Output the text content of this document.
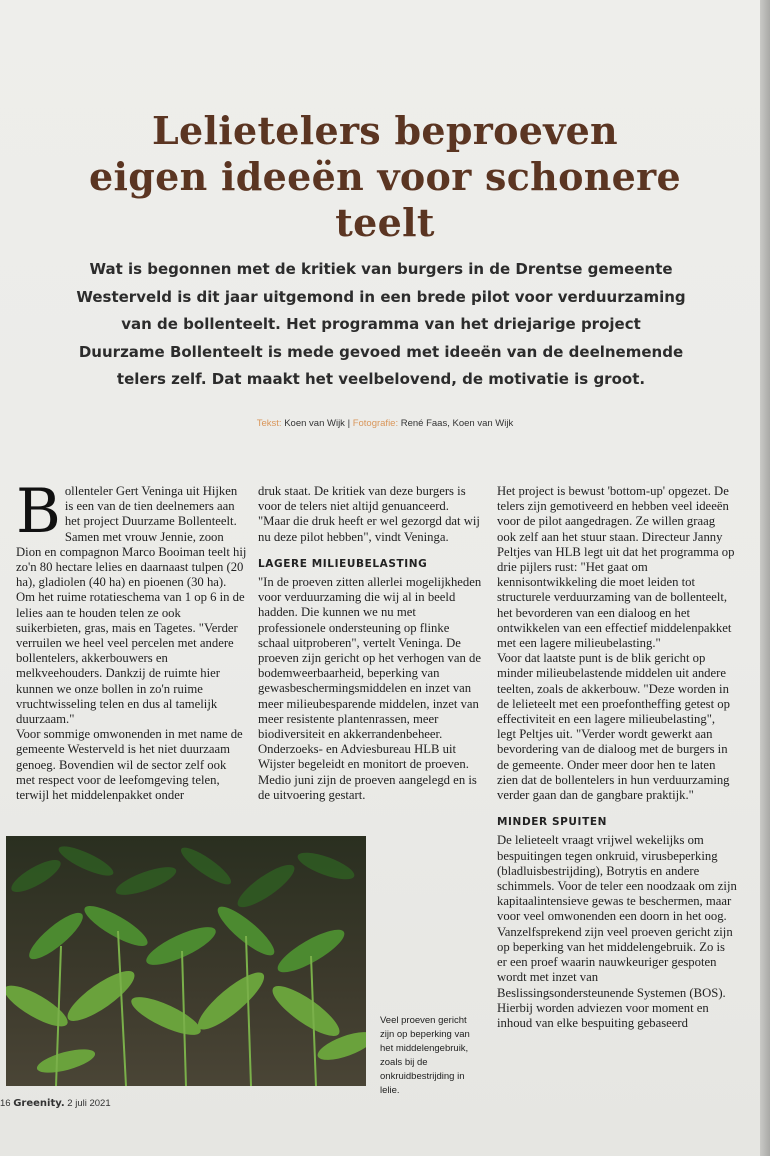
Lelietelers beproeven
eigen ideeën voor schonere teelt

Wat is begonnen met de kritiek van burgers in de Drentse gemeente Westerveld is dit jaar uitgemond in een brede pilot voor verduurzaming van de bollenteelt. Het programma van het driejarige project Duurzame Bollenteelt is mede gevoed met ideeën van de deelnemende telers zelf. Dat maakt het veelbelovend, de motivatie is groot.

Tekst: Koen van Wijk | Fotografie: René Faas, Koen van Wijk

Bollenteler Gert Veninga uit Hijken is een van de tien deelnemers aan het project Duurzame Bollenteelt. Samen met vrouw Jennie, zoon Dion en compagnon Marco Booiman teelt hij zo'n 80 hectare lelies en daarnaast tulpen (20 ha), gladiolen (40 ha) en pioenen (30 ha). Om het ruime rotatieschema van 1 op 6 in de lelies aan te houden telen ze ook suikerbieten, gras, mais en Tagetes. "Verder verruilen we heel veel percelen met andere bollentelers, akkerbouwers en melkveehouders. Dankzij de ruimte hier kunnen we onze bollen in zo'n ruime vruchtwisseling telen en dus al tamelijk duurzaam."

Voor sommige omwonenden in met name de gemeente Westerveld is het niet duurzaam genoeg. Bovendien wil de sector zelf ook met respect voor de leefomgeving telen, terwijl het middelenpakket onder

druk staat. De kritiek van deze burgers is voor de telers niet altijd genuanceerd. "Maar die druk heeft er wel gezorgd dat wij nu deze pilot hebben", vindt Veninga.

LAGERE MILIEUBELASTING

"In de proeven zitten allerlei mogelijkheden voor verduurzaming die wij al in beeld hadden. Die kunnen we nu met professionele ondersteuning op flinke schaal uitproberen", vertelt Veninga. De proeven zijn gericht op het verhogen van de bodemweerbaarheid, beperking van gewasbeschermingsmiddelen en inzet van meer milieubesparende middelen, inzet van meer resistente plantenrassen, meer biodiversiteit en akkerrandenbeheer. Onderzoeks- en Adviesbureau HLB uit Wijster begeleidt en monitort de proeven. Medio juni zijn de proeven aangelegd en is de uitvoering gestart.

Het project is bewust 'bottom-up' opgezet. De telers zijn gemotiveerd en hebben veel ideeën voor de pilot aangedragen. Ze willen graag ook zelf aan het stuur staan. Directeur Janny Peltjes van HLB legt uit dat het programma op drie pijlers rust: "Het gaat om kennisontwikkeling die moet leiden tot structurele verduurzaming van de bollenteelt, het bevorderen van een dialoog en het ontwikkelen van een effectief middelenpakket met een lagere milieubelasting."

Voor dat laatste punt is de blik gericht op minder milieubelastende middelen uit andere teelten, zoals de akkerbouw. "Deze worden in de lelieteelt met een proefontheffing getest op effectiviteit en een lagere milieubelasting", legt Peltjes uit. "Verder wordt gewerkt aan bevordering van de dialoog met de burgers in de gemeente. Onder meer door hen te laten zien dat de bollentelers in hun verduurzaming verder gaan dan de gangbare praktijk."

MINDER SPUITEN

De lelieteelt vraagt vrijwel wekelijks om bespuitingen tegen onkruid, virusbeperking (bladluisbestrijding), Botrytis en andere schimmels. Voor de teler een noodzaak om zijn kapitaalintensieve gewas te beschermen, maar voor veel omwonenden een doorn in het oog.

Vanzelfsprekend zijn veel proeven gericht zijn op beperking van het middelengebruik. Zo is er een proef waarin nauwkeuriger gespoten wordt met inzet van Beslissingsondersteunende Systemen (BOS). Hierbij worden adviezen voor moment en inhoud van elke bespuiting gebaseerd

Veel proeven gericht zijn op beperking van het middelengebruik, zoals bij de onkruidbestrijding in lelie.
16 Greenity. 2 juli 2021
